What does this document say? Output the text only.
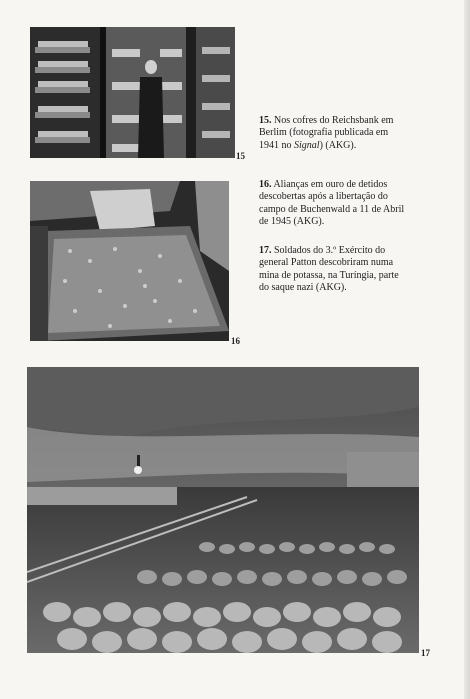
15
16
15. Nos cofres do Reichsbank em Berlim (fotografia publicada em 1941 no Signal) (AKG).
16. Alianças em ouro de detidos descobertas após a libertação do campo de Buchenwald a 11 de Abril de 1945 (AKG).
17. Soldados do 3.º Exército do general Patton descobriram numa mina de potassa, na Turíngia, parte do saque nazi (AKG).
17
